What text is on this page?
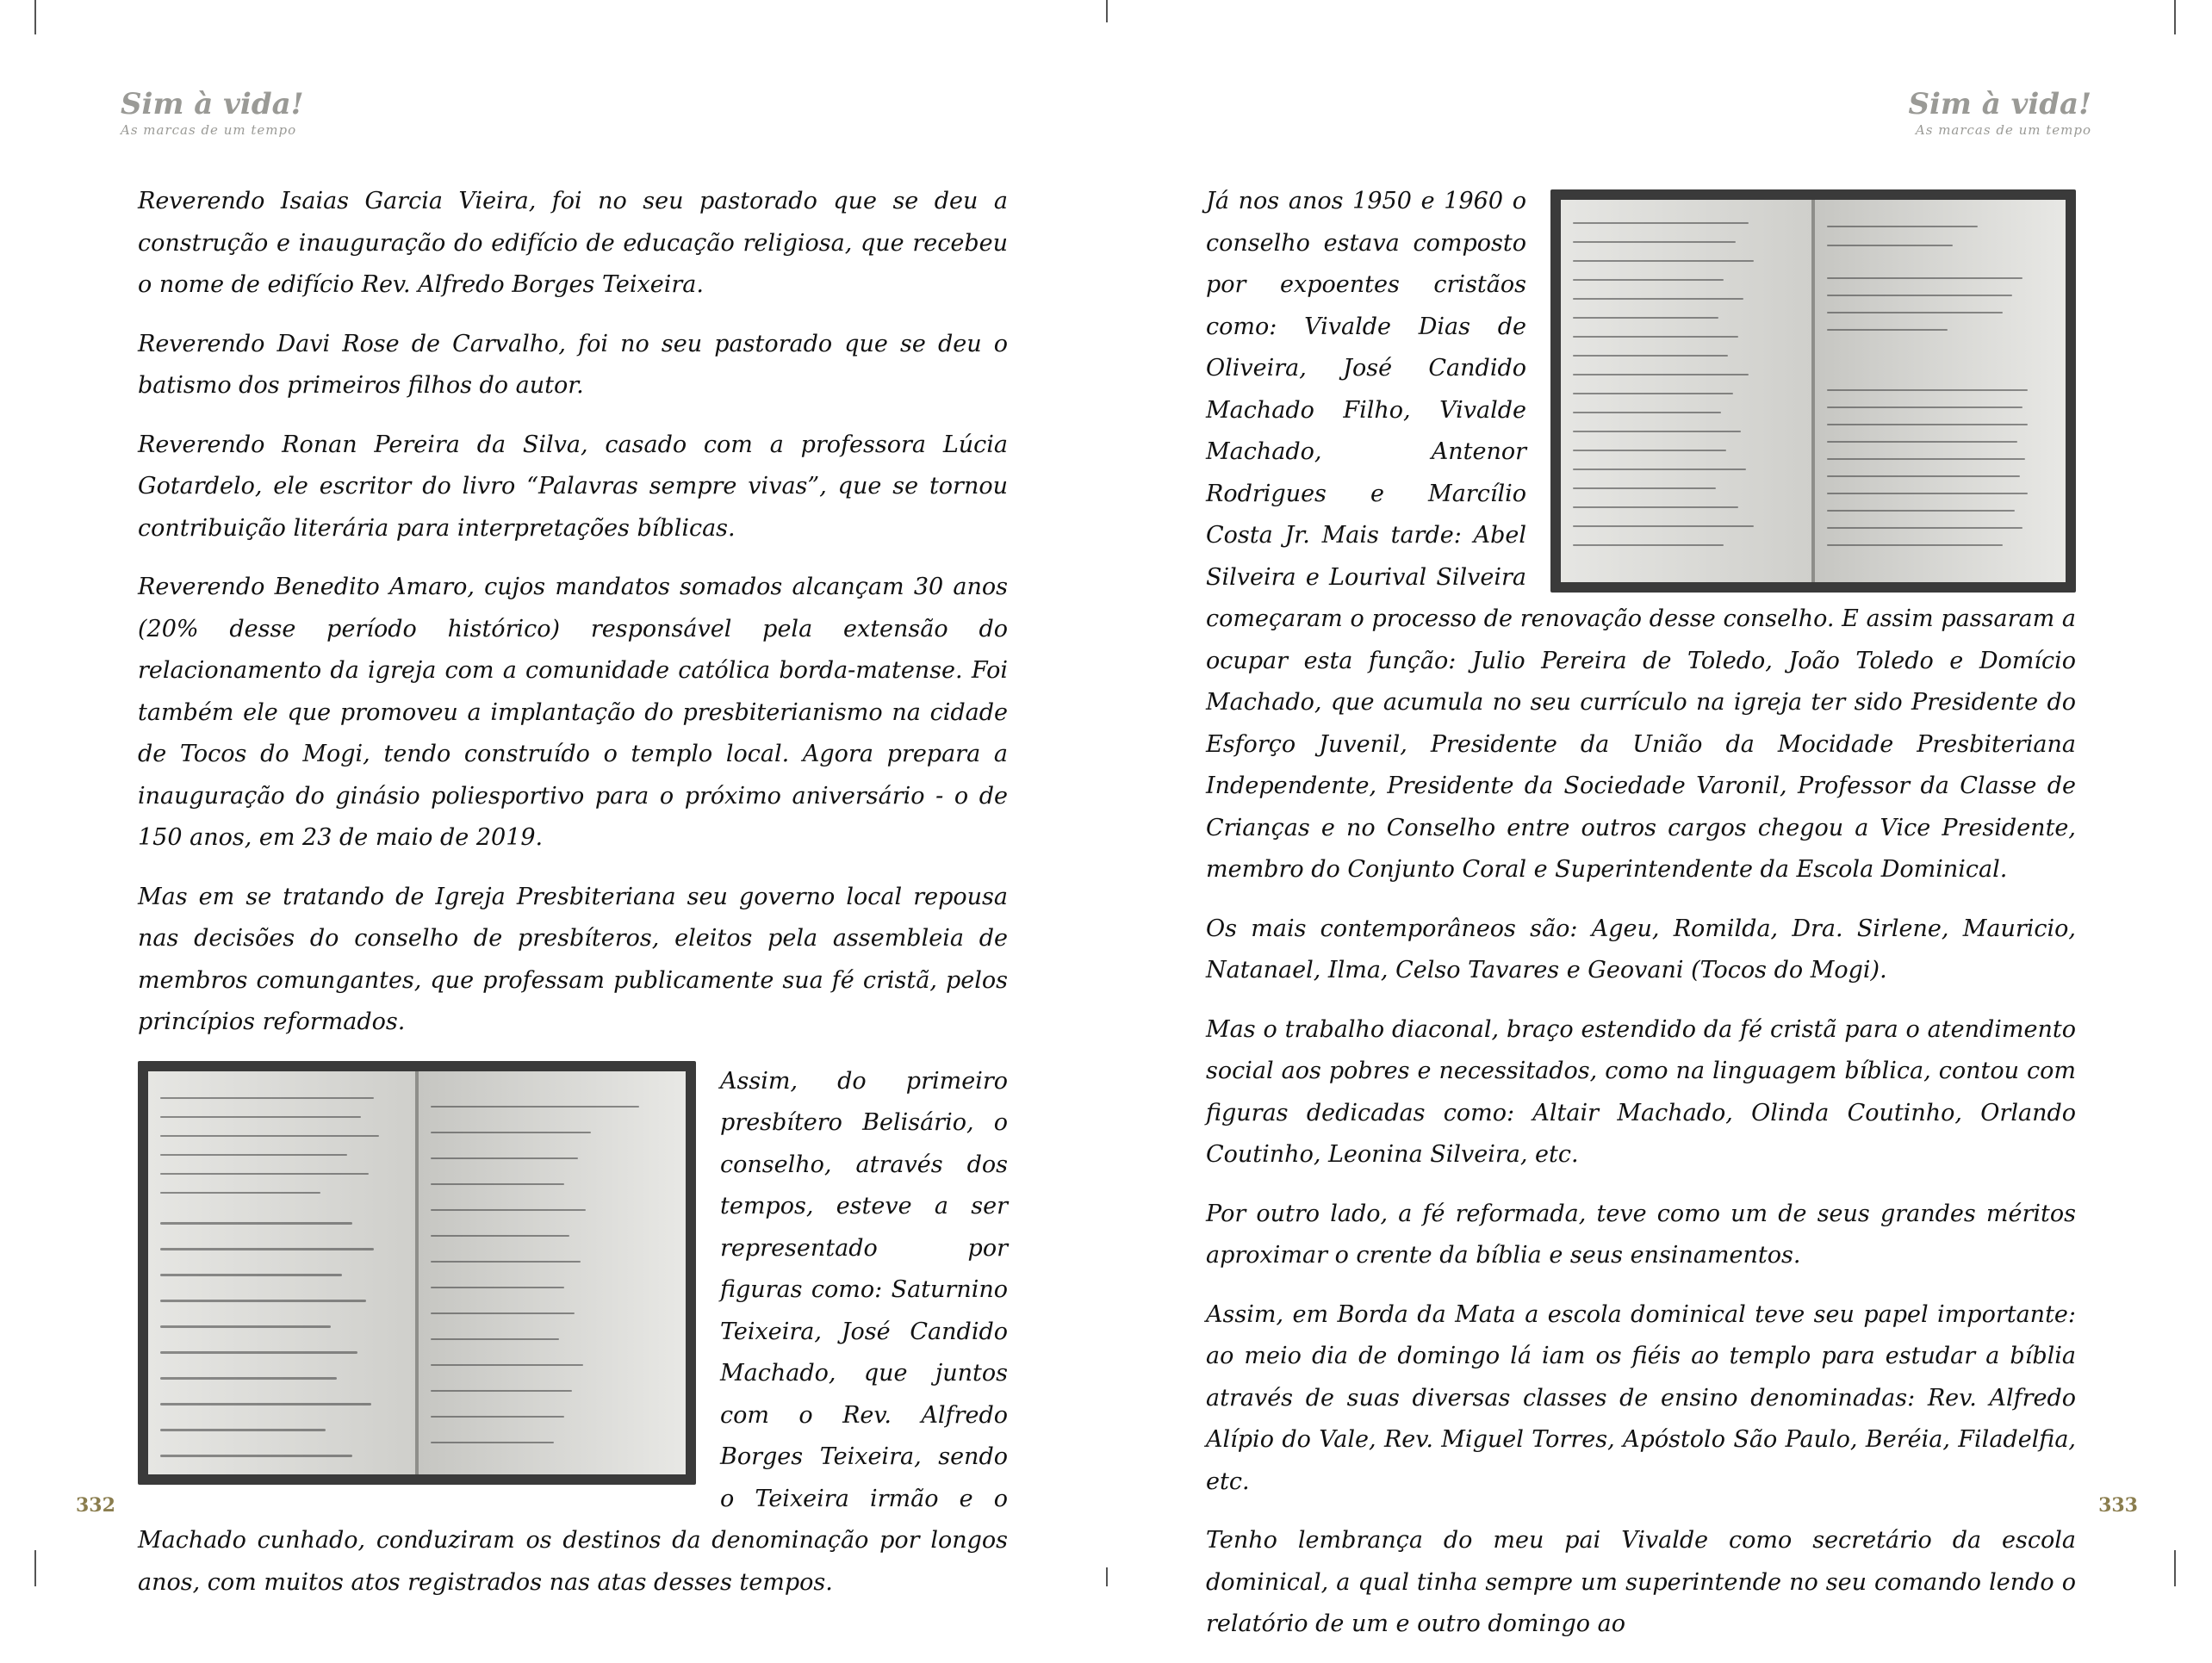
Sim à vida!
As marcas de um tempo
Sim à vida!
As marcas de um tempo

Reverendo Isaias Garcia Vieira, foi no seu pastorado que se deu a construção e inauguração do edifício de educação religiosa, que recebeu o nome de edifício Rev. Alfredo Borges Teixeira.

Reverendo Davi Rose de Carvalho, foi no seu pastorado que se deu o batismo dos primeiros filhos do autor.

Reverendo Ronan Pereira da Silva, casado com a professora Lúcia Gotardelo, ele escritor do livro “Palavras sempre vivas”, que se tornou contribuição literária para interpretações bíblicas.

Reverendo Benedito Amaro, cujos mandatos somados alcançam 30 anos (20% desse período histórico) responsável pela extensão do relacionamento da igreja com a comunidade católica borda-matense. Foi também ele que promoveu a implantação do presbiterianismo na cidade de Tocos do Mogi, tendo construído o templo local. Agora prepara a inauguração do ginásio poliesportivo para o próximo aniversário - o de 150 anos, em 23 de maio de 2019.

Mas em se tratando de Igreja Presbiteriana seu governo local repousa nas decisões do conselho de presbíteros, eleitos pela assembleia de membros comungantes, que professam publicamente sua fé cristã, pelos princípios reformados.

Assim, do primeiro presbítero Belisário, o conselho, através dos tempos, esteve a ser representado por figuras como: Saturnino Teixeira, José Candido Machado, que juntos com o Rev. Alfredo Borges Teixeira, sendo o Teixeira irmão e o Machado cunhado, conduziram os destinos da denominação por longos anos, com muitos atos registrados nas atas desses tempos.

332

Já nos anos 1950 e 1960 o conselho estava composto por expoentes cristãos como: Vivalde Dias de Oliveira, José Candido Machado Filho, Vivalde Machado, Antenor Rodrigues e Marcílio Costa Jr. Mais tarde: Abel Silveira e Lourival Silveira começaram o processo de renovação desse conselho. E assim passaram a ocupar esta função: Julio Pereira de Toledo, João Toledo e Domício Machado, que acumula no seu currículo na igreja ter sido Presidente do Esforço Juvenil, Presidente da União da Mocidade Presbiteriana Independente, Presidente da Sociedade Varonil, Professor da Classe de Crianças e no Conselho entre outros cargos chegou a Vice Presidente, membro do Conjunto Coral e Superintendente da Escola Dominical.

Os mais contemporâneos são: Ageu, Romilda, Dra. Sirlene, Mauricio, Natanael, Ilma, Celso Tavares e Geovani (Tocos do Mogi).

Mas o trabalho diaconal, braço estendido da fé cristã para o atendimento social aos pobres e necessitados, como na linguagem bíblica, contou com figuras dedicadas como: Altair Machado, Olinda Coutinho, Orlando Coutinho, Leonina Silveira, etc.

Por outro lado, a fé reformada, teve como um de seus grandes méritos aproximar o crente da bíblia e seus ensinamentos.

Assim, em Borda da Mata a escola dominical teve seu papel importante: ao meio dia de domingo lá iam os fiéis ao templo para estudar a bíblia através de suas diversas classes de ensino denominadas: Rev. Alfredo Alípio do Vale, Rev. Miguel Torres, Apóstolo São Paulo, Beréia, Filadelfia, etc.

Tenho lembrança do meu pai Vivalde como secretário da escola dominical, a qual tinha sempre um superintende no seu comando lendo o relatório de um e outro domingo ao

333
